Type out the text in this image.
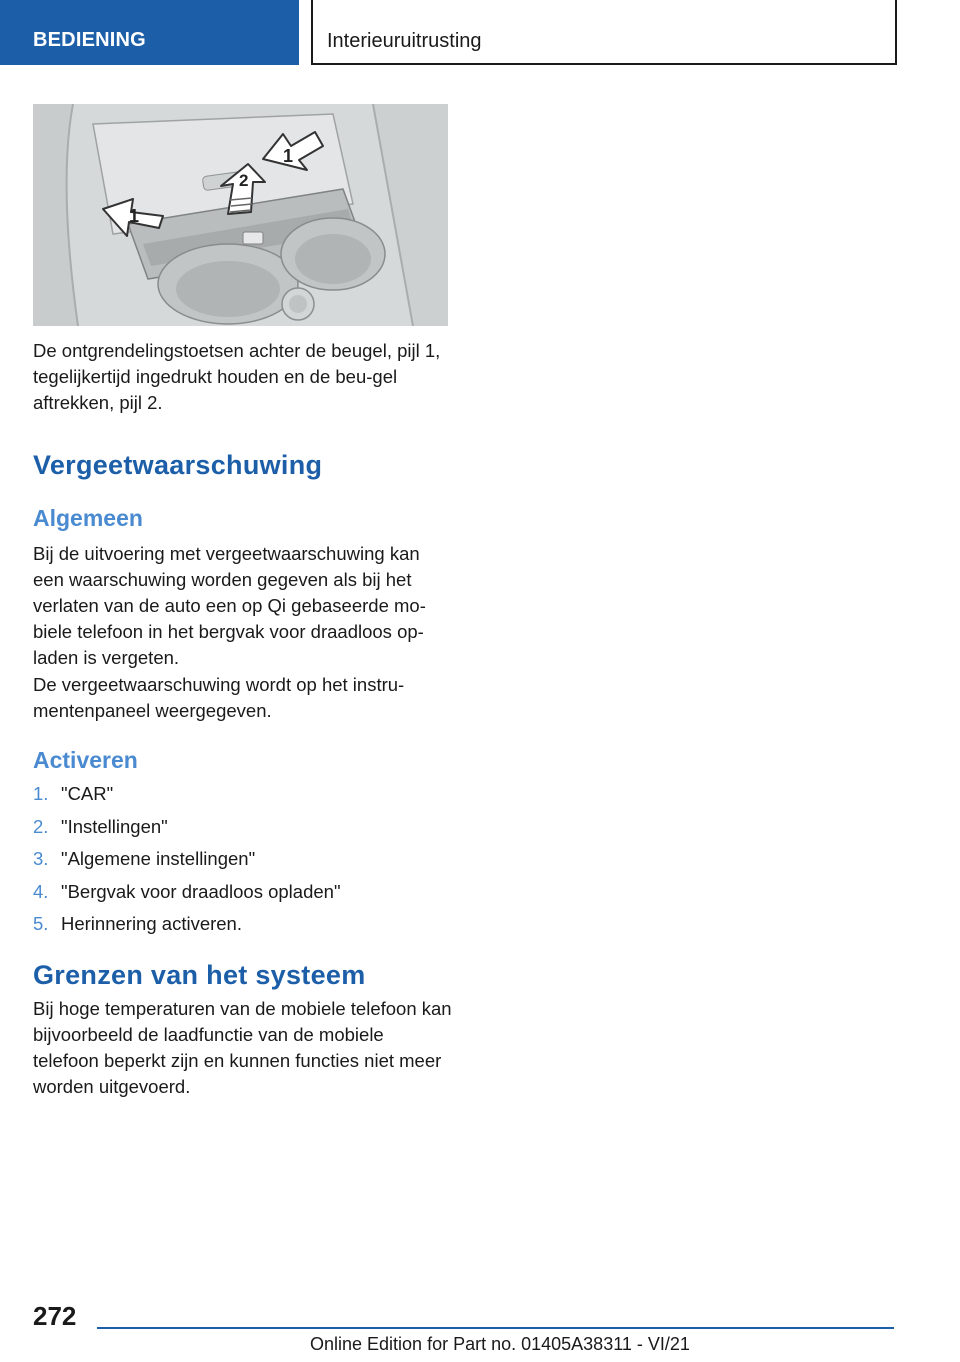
BEDIENING	Interieuruitrusting
1
2
1
De ontgrendelingstoetsen achter de beugel, pijl 1, tegelijkertijd ingedrukt houden en de beu-gel aftrekken, pijl 2.
Vergeetwaarschuwing
Algemeen
Bij de uitvoering met vergeetwaarschuwing kan een waarschuwing worden gegeven als bij het verlaten van de auto een op Qi gebaseerde mo-biele telefoon in het bergvak voor draadloos op-laden is vergeten.
De vergeetwaarschuwing wordt op het instru-mentenpaneel weergegeven.
Activeren
1. "CAR"
2. "Instellingen"
3. "Algemene instellingen"
4. "Bergvak voor draadloos opladen"
5. Herinnering activeren.
Grenzen van het systeem
Bij hoge temperaturen van de mobiele telefoon kan bijvoorbeeld de laadfunctie van de mobiele telefoon beperkt zijn en kunnen functies niet meer worden uitgevoerd.
272
Online Edition for Part no. 01405A38311 - VI/21
